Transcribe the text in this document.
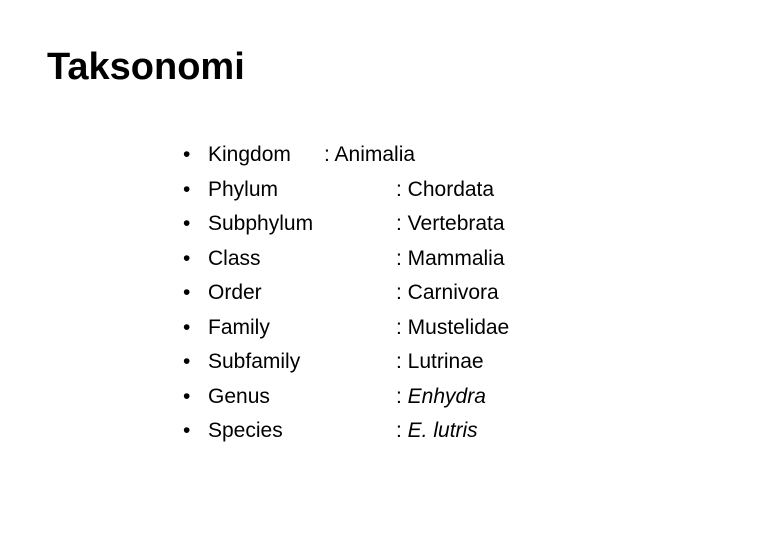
Taksonomi
• Kingdom : Animalia
• Phylum	: Chordata
• Subphylum	: Vertebrata
• Class	: Mammalia
• Order	: Carnivora
• Family	: Mustelidae
• Subfamily	: Lutrinae
• Genus	: Enhydra
• Species	: E. lutris
